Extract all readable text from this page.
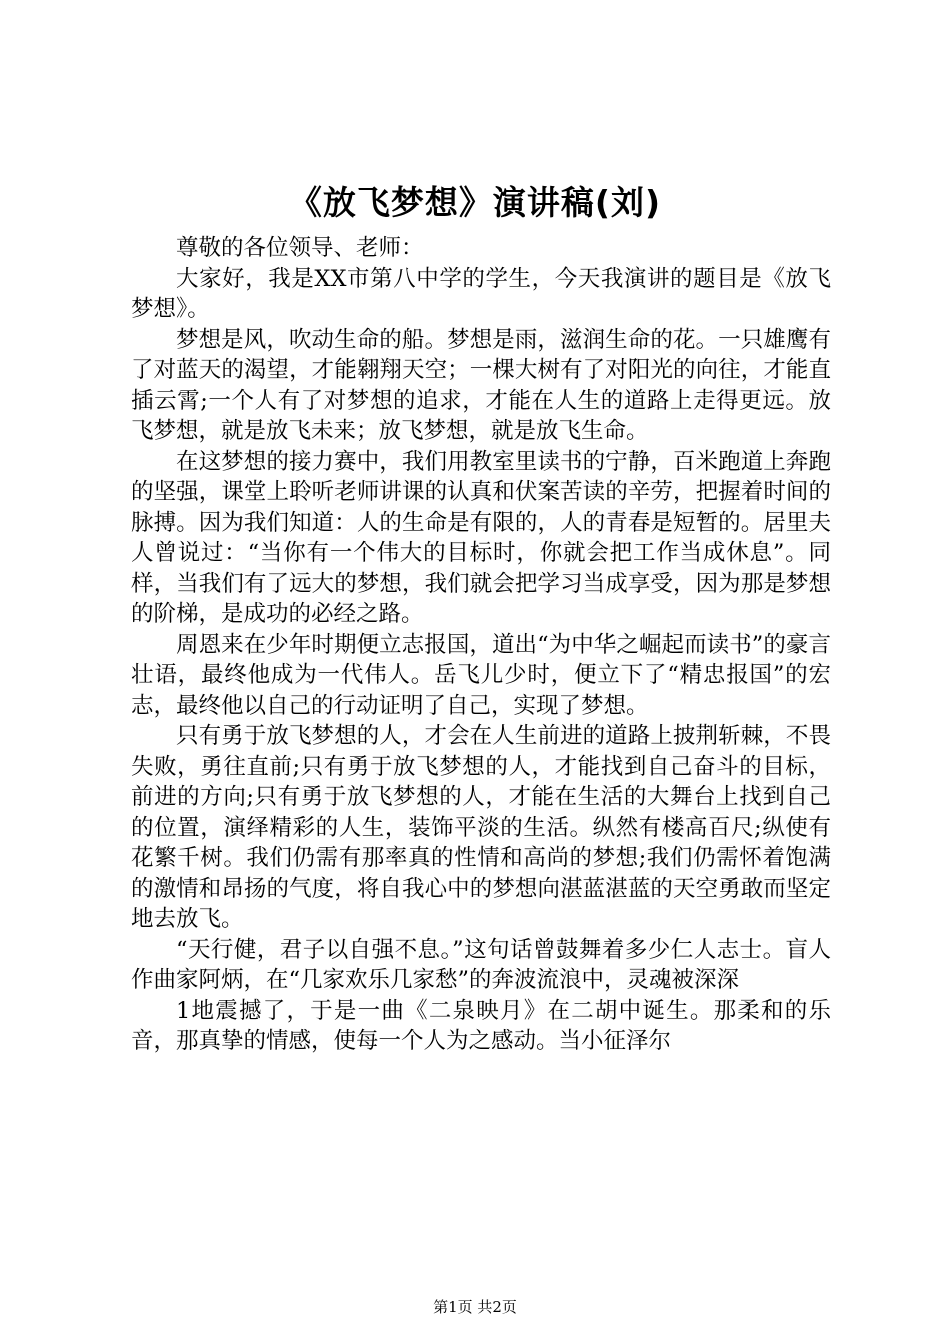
《放飞梦想》演讲稿(刘)

尊敬的各位领导、老师：

大家好，我是XX市第八中学的学生，今天我演讲的题目是《放飞梦想》。

梦想是风，吹动生命的船。梦想是雨，滋润生命的花。一只雄鹰有了对蓝天的渴望，才能翱翔天空；一棵大树有了对阳光的向往，才能直插云霄;一个人有了对梦想的追求，才能在人生的道路上走得更远。放飞梦想，就是放飞未来；放飞梦想，就是放飞生命。

在这梦想的接力赛中，我们用教室里读书的宁静，百米跑道上奔跑的坚强，课堂上聆听老师讲课的认真和伏案苦读的辛劳，把握着时间的脉搏。因为我们知道：人的生命是有限的，人的青春是短暂的。居里夫人曾说过：“当你有一个伟大的目标时，你就会把工作当成休息”。同样，当我们有了远大的梦想，我们就会把学习当成享受，因为那是梦想的阶梯，是成功的必经之路。

周恩来在少年时期便立志报国，道出“为中华之崛起而读书”的豪言壮语，最终他成为一代伟人。岳飞儿少时，便立下了“精忠报国”的宏志，最终他以自己的行动证明了自己，实现了梦想。

只有勇于放飞梦想的人，才会在人生前进的道路上披荆斩棘，不畏失败，勇往直前;只有勇于放飞梦想的人，才能找到自己奋斗的目标，前进的方向;只有勇于放飞梦想的人，才能在生活的大舞台上找到自己的位置，演绎精彩的人生，装饰平淡的生活。纵然有楼高百尺;纵使有花繁千树。我们仍需有那率真的性情和高尚的梦想;我们仍需怀着饱满的激情和昂扬的气度，将自我心中的梦想向湛蓝湛蓝的天空勇敢而坚定地去放飞。

“天行健，君子以自强不息。”这句话曾鼓舞着多少仁人志士。盲人作曲家阿炳，在“几家欢乐几家愁”的奔波流浪中，灵魂被深深

1地震撼了，于是一曲《二泉映月》在二胡中诞生。那柔和的乐音，那真挚的情感，使每一个人为之感动。当小征泽尔

第1页 共2页
